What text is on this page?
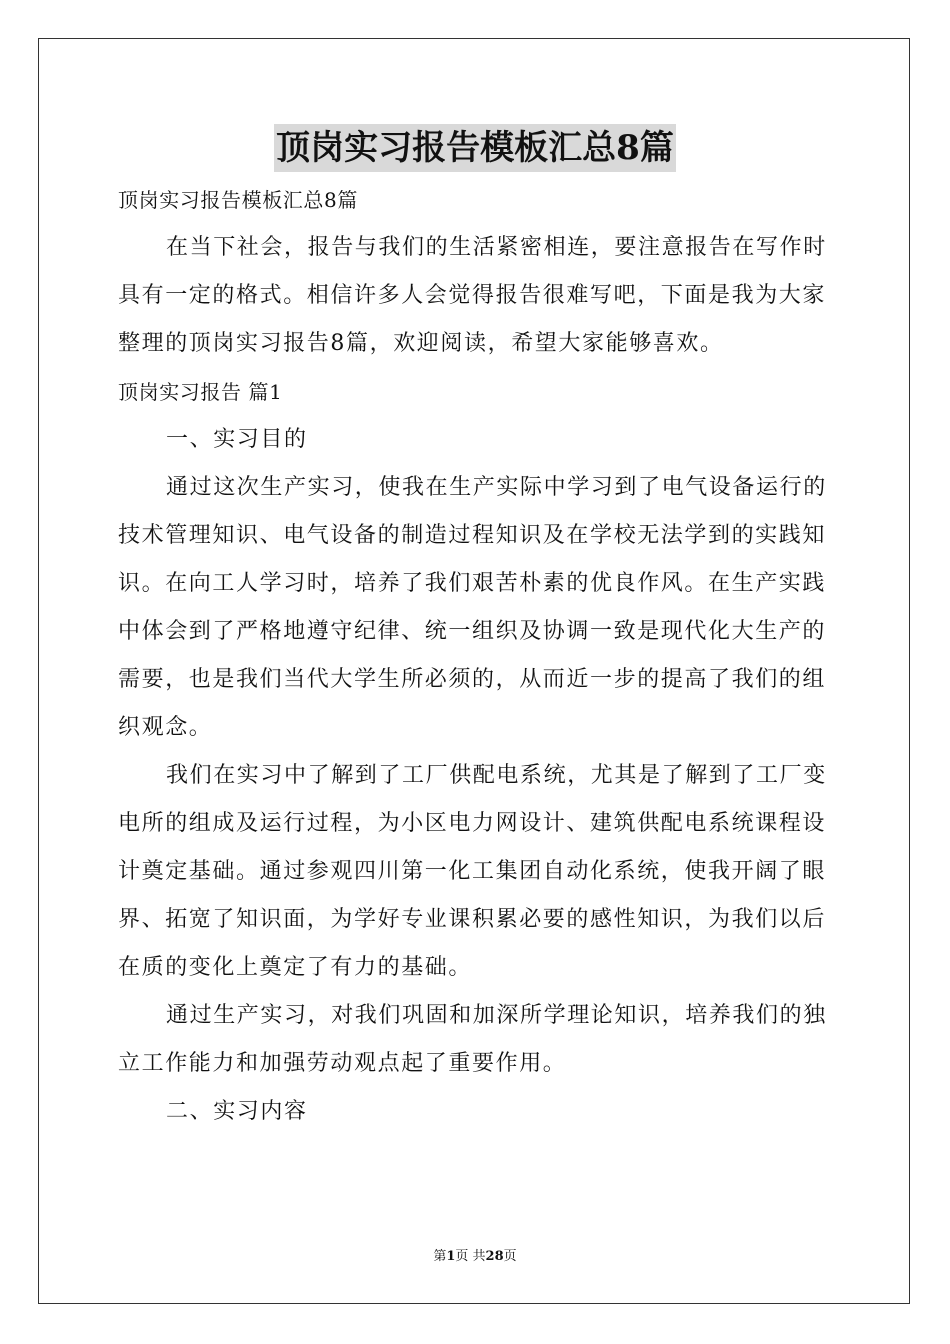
顶岗实习报告模板汇总8篇
顶岗实习报告模板汇总8篇
在当下社会，报告与我们的生活紧密相连，要注意报告在写作时
具有一定的格式。相信许多人会觉得报告很难写吧，下面是我为大家
整理的顶岗实习报告8篇，欢迎阅读，希望大家能够喜欢。
顶岗实习报告 篇1
一、实习目的
通过这次生产实习，使我在生产实际中学习到了电气设备运行的
技术管理知识、电气设备的制造过程知识及在学校无法学到的实践知
识。在向工人学习时，培养了我们艰苦朴素的优良作风。在生产实践
中体会到了严格地遵守纪律、统一组织及协调一致是现代化大生产的
需要，也是我们当代大学生所必须的，从而近一步的提高了我们的组
织观念。
我们在实习中了解到了工厂供配电系统，尤其是了解到了工厂变
电所的组成及运行过程，为小区电力网设计、建筑供配电系统课程设
计奠定基础。通过参观四川第一化工集团自动化系统，使我开阔了眼
界、拓宽了知识面，为学好专业课积累必要的感性知识，为我们以后
在质的变化上奠定了有力的基础。
通过生产实习，对我们巩固和加深所学理论知识，培养我们的独
立工作能力和加强劳动观点起了重要作用。
二、实习内容
第1页 共28页
